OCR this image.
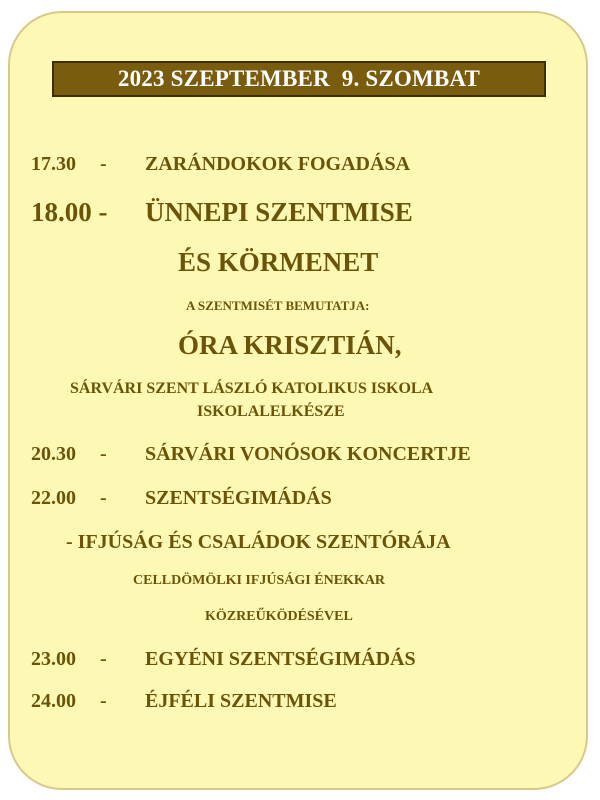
2023 SZEPTEMBER  9. SZOMBAT
17.30 - ZARÁNDOKOK FOGADÁSA
18.00 - ÜNNEPI SZENTMISE
ÉS KÖRMENET
A SZENTMISÉT BEMUTATJA:
ÓRA KRISZTIÁN,
SÁRVÁRI SZENT LÁSZLÓ KATOLIKUS ISKOLA
ISKOLALELKÉSZE
20.30 - SÁRVÁRI VONÓSOK KONCERTJE
22.00 - SZENTSÉGIMÁDÁS
- IFJÚSÁG ÉS CSALÁDOK SZENTÓRÁJA
CELLDÖMÖLKI IFJÚSÁGI ÉNEKKAR
KÖZREŰKÖDÉSÉVEL
23.00 - EGYÉNI SZENTSÉGIMÁDÁS
24.00 - ÉJFÉLI SZENTMISE
